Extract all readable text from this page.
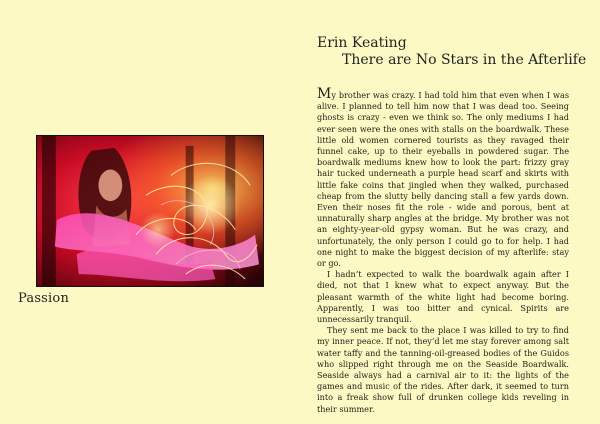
Passion
Erin Keating
There are No Stars in the Afterlife

My brother was crazy. I had told him that even when I was alive. I planned to tell him now that I was dead too. Seeing ghosts is crazy - even we think so. The only mediums I had ever seen were the ones with stalls on the boardwalk. These little old women cornered tourists as they ravaged their funnel cake, up to their eyeballs in powdered sugar. The boardwalk mediums knew how to look the part: frizzy gray hair tucked underneath a purple head scarf and skirts with little fake coins that jingled when they walked, purchased cheap from the slutty belly dancing stall a few yards down. Even their noses fit the role - wide and porous, bent at unnaturally sharp angles at the bridge. My brother was not an eighty-year-old gypsy woman. But he was crazy, and unfortunately, the only person I could go to for help. I had one night to make the biggest decision of my afterlife: stay or go.

I hadn’t expected to walk the boardwalk again after I died, not that I knew what to expect anyway. But the pleasant warmth of the white light had become boring. Apparently, I was too bitter and cynical. Spirits are unnecessarily tranquil.

They sent me back to the place I was killed to try to find my inner peace. If not, they’d let me stay forever among salt water taffy and the tanning-oil-greased bodies of the Guidos who slipped right through me on the Seaside Boardwalk. Seaside always had a carnival air to it: the lights of the games and music of the rides. After dark, it seemed to turn into a freak show full of drunken college kids reveling in their summer.
